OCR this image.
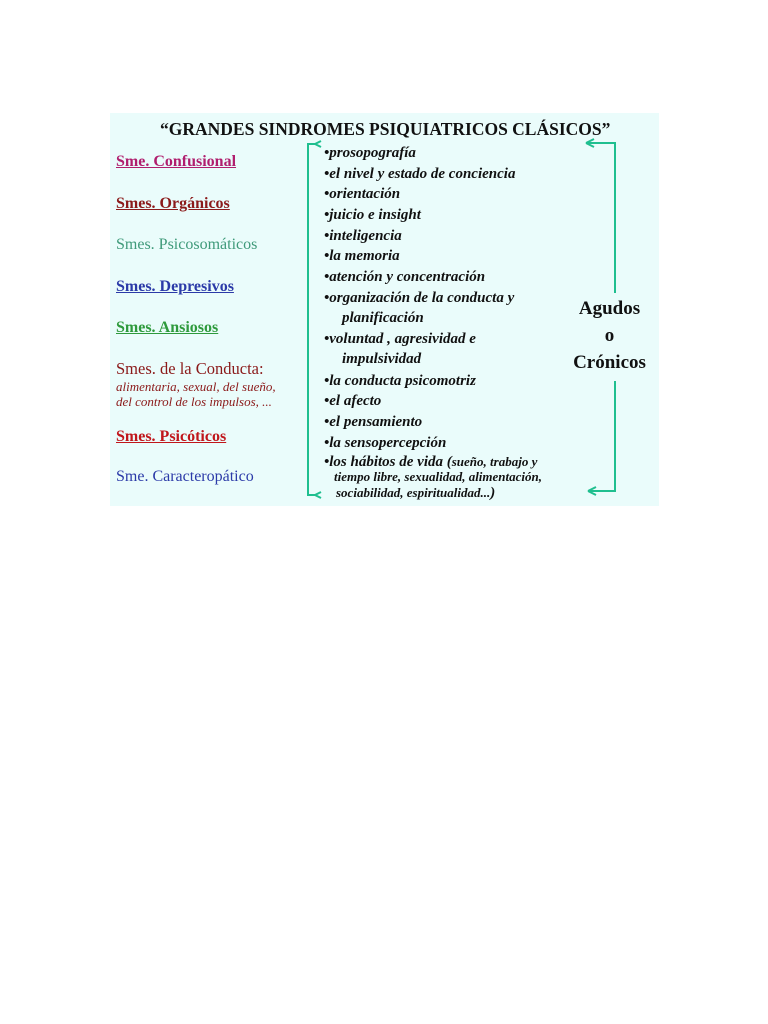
“GRANDES SINDROMES PSIQUIATRICOS CLÁSICOS”
Sme. Confusional
Smes. Orgánicos
Smes. Psicosomáticos
Smes. Depresivos
Smes. Ansiosos
Smes. de la Conducta:
alimentaria, sexual, del sueño,
del control de los impulsos, ...
Smes. Psicóticos
Sme. Caracteropático
•prosopografía
•el nivel y estado de conciencia
•orientación
•juicio e insight
•inteligencia
•la memoria
•atención y concentración
•organización de la conducta y
planificación
•voluntad , agresividad e
impulsividad
•la conducta psicomotriz
•el afecto
•el pensamiento
•la sensopercepción
•los hábitos de vida (sueño, trabajo y
tiempo libre, sexualidad, alimentación,
sociabilidad, espiritualidad...)
Agudos
o
Crónicos
